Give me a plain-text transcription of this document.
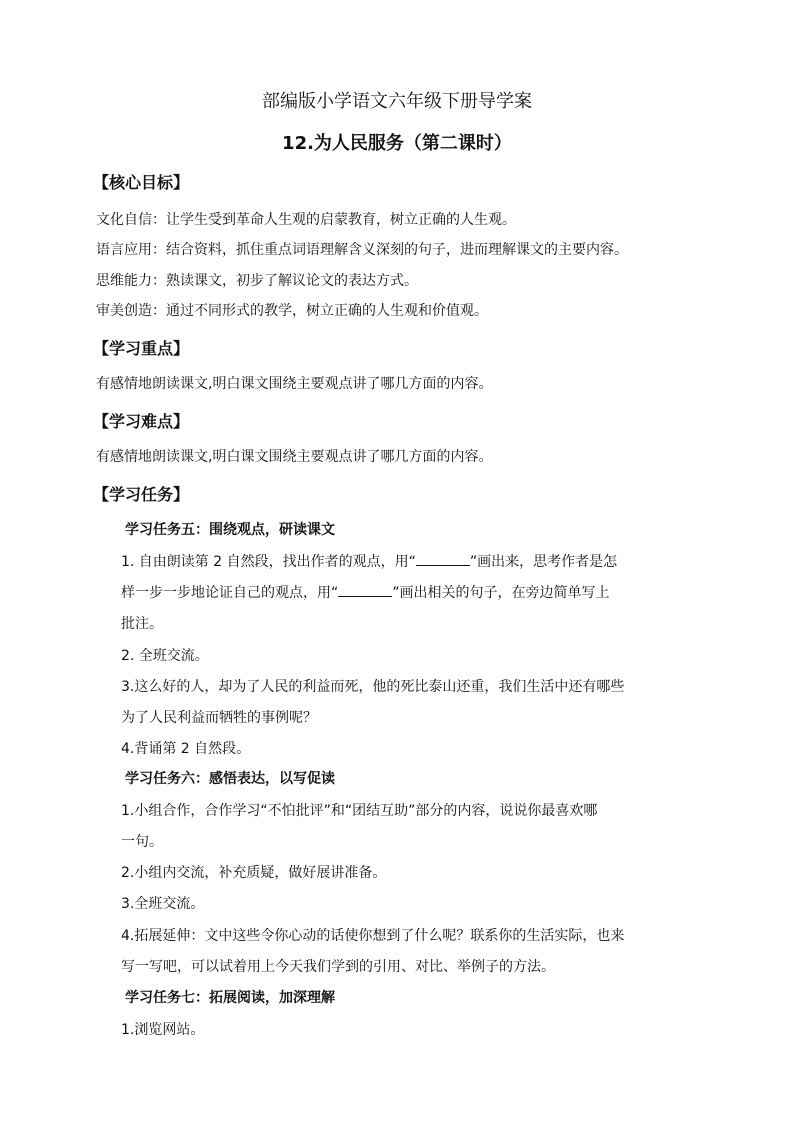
部编版小学语文六年级下册导学案
12.为人民服务（第二课时）
【核心目标】
文化自信：让学生受到革命人生观的启蒙教育，树立正确的人生观。
语言应用：结合资料，抓住重点词语理解含义深刻的句子，进而理解课文的主要内容。
思维能力：熟读课文，初步了解议论文的表达方式。
审美创造：通过不同形式的教学，树立正确的人生观和价值观。
【学习重点】
有感情地朗读课文,明白课文围绕主要观点讲了哪几方面的内容。
【学习难点】
有感情地朗读课文,明白课文围绕主要观点讲了哪几方面的内容。
【学习任务】
学习任务五：围绕观点，研读课文
1. 自由朗读第 2 自然段，找出作者的观点，用“	”画出来，思考作者是怎
样一步一步地论证自己的观点，用“	”画出相关的句子，在旁边简单写上
批注。
2. 全班交流。
3.这么好的人，却为了人民的利益而死，他的死比泰山还重，我们生活中还有哪些
为了人民利益而牺牲的事例呢？
4.背诵第 2 自然段。
学习任务六：感悟表达，以写促读
1.小组合作，合作学习“不怕批评”和“团结互助”部分的内容，说说你最喜欢哪
一句。
2.小组内交流，补充质疑，做好展讲准备。
3.全班交流。
4.拓展延伸：文中这些令你心动的话使你想到了什么呢？联系你的生活实际，也来
写一写吧，可以试着用上今天我们学到的引用、对比、举例子的方法。
学习任务七：拓展阅读，加深理解
1.浏览网站。
